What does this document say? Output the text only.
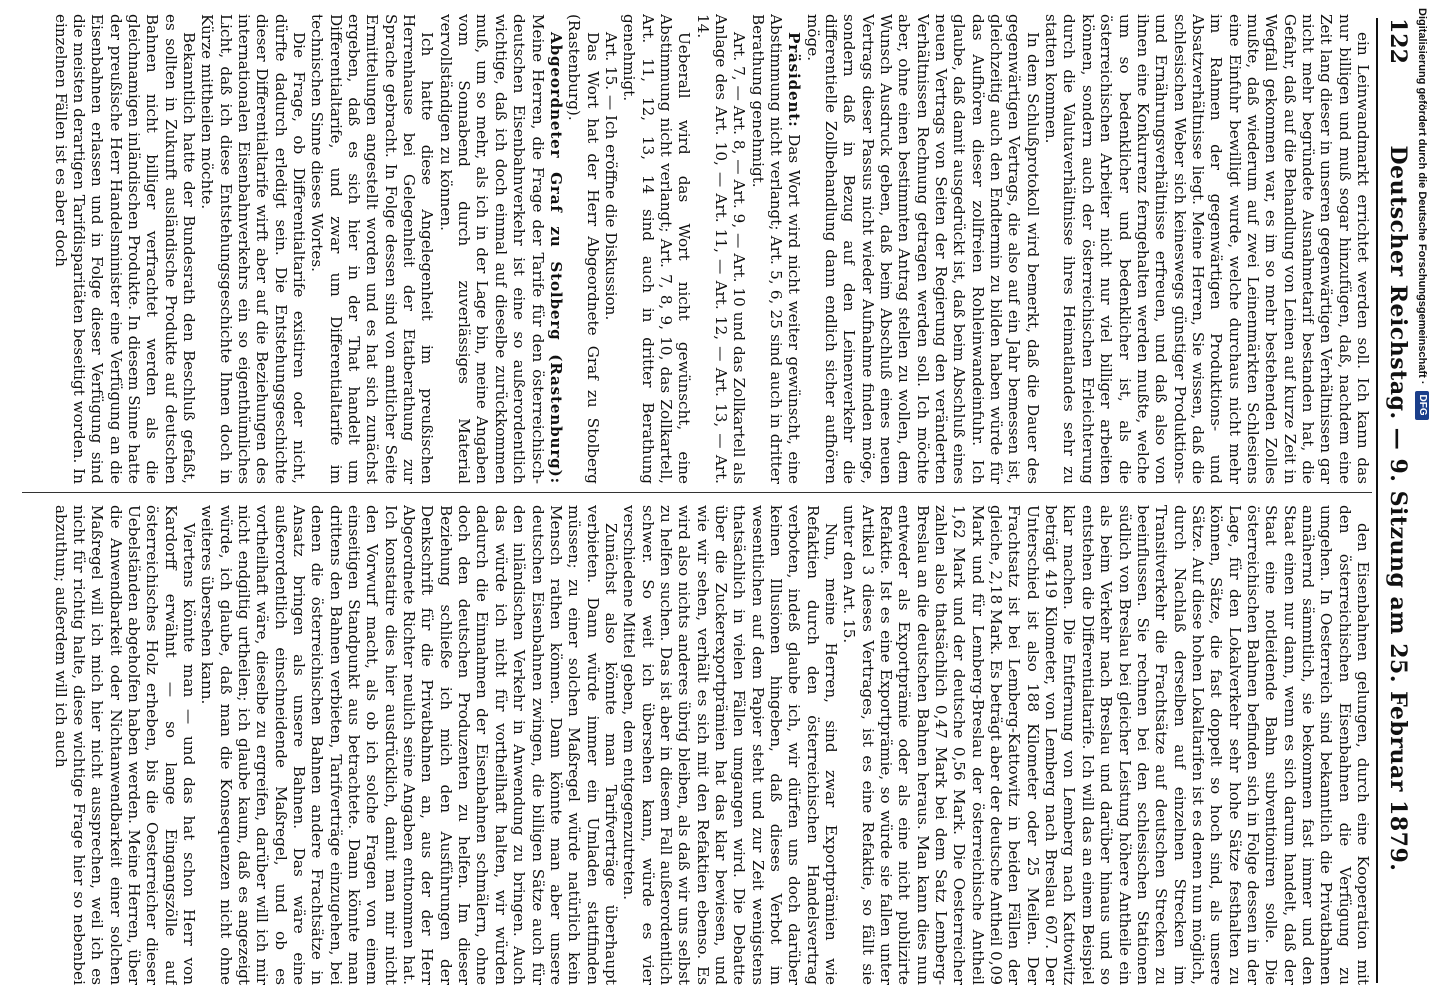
122
Deutscher Reichstag. — 9. Sitzung am 25. Februar 1879.

ein Leinwandmarkt errichtet werden soll. Ich kann das nur billigen und muß sogar hinzufügen, daß, nachdem eine Zeit lang dieser in unseren gegenwärtigen Verhältnissen gar nicht mehr begründete Ausnahmetarif bestanden hat, die Gefahr, daß auf die Behandlung von Leinen auf kurze Zeit in Wegfall gekommen war, es im so mehr bestehenden Zolles mußte, daß wiederum auf zwei Leinenmärkten Schlesiens eine Einfuhr bewilligt wurde, welche durchaus nicht mehr im Rahmen der gegenwärtigen Produktions- und Absatzverhältnisse liegt. Meine Herren, Sie wissen, daß die schlesischen Weber sich keineswegs günstiger Produktions- und Ernährungsverhältnisse erfreuen, und daß also von ihnen eine Konkurrenz ferngehalten werden mußte, welche um so bedenklicher und bedenklicher ist, als die österreichischen Arbeiter nicht nur viel billiger arbeiten können, sondern auch der österreichischen Erleichterung durch die Valutaverhältnisse ihres Heimatlandes sehr zu statten kommen.

In dem Schlußprotokoll wird bemerkt, daß die Dauer des gegenwärtigen Vertrags, die also auf ein Jahr bemessen ist, gleichzeitig auch den Endtermin zu bilden haben würde für das Aufhören dieser zollfreien Rohleinwandeinfuhr. Ich glaube, daß damit ausgedrückt ist, daß beim Abschluß eines neuen Vertrags von Seiten der Regierung den veränderten Verhältnissen Rechnung getragen werden soll. Ich möchte aber, ohne einen bestimmten Antrag stellen zu wollen, dem Wunsch Ausdruck geben, daß beim Abschluß eines neuen Vertrags dieser Passus nicht wieder Aufnahme finden möge, sondern daß in Bezug auf den Leinenverkehr die differentielle Zollbehandlung dann endlich sicher aufhören möge.

Präsident: Das Wort wird nicht weiter gewünscht, eine Abstimmung nicht verlangt; Art. 5, 6, 25 sind auch in dritter Berathung genehmigt.

Art. 7, — Art. 8, — Art. 9, — Art. 10 und das Zollkartell als Anlage des Art. 10, — Art. 11, — Art. 12, — Art. 13, — Art. 14.

Ueberall wird das Wort nicht gewünscht, eine Abstimmung nicht verlangt; Art. 7, 8, 9, 10, das Zollkartell, Art. 11, 12, 13, 14 sind auch in dritter Berathung genehmigt.

Art. 15. — Ich eröffne die Diskussion.

Das Wort hat der Herr Abgeordnete Graf zu Stolberg (Rastenburg).

Abgeordneter Graf zu Stolberg (Rastenburg): Meine Herren, die Frage der Tarife für den österreichisch-deutschen Eisenbahnverkehr ist eine so außerordentlich wichtige, daß ich doch einmal auf dieselbe zurückkommen muß, um so mehr, als ich in der Lage bin, meine Angaben vom Sonnabend durch zuverlässiges Material vervollständigen zu können.

Ich hatte diese Angelegenheit im preußischen Herrenhause bei Gelegenheit der Etatberathung zur Sprache gebracht. In Folge dessen sind von amtlicher Seite Ermittelungen angestellt worden und es hat sich zunächst ergeben, daß es sich hier in der That handelt um Differentialtarife, und zwar um Differentialtarife im technischen Sinne dieses Wortes.

Die Frage, ob Differentialtarife existiren oder nicht, dürfte dadurch erledigt sein. Die Entstehungsgeschichte dieser Differentialtarife wirft aber auf die Beziehungen des internationalen Eisenbahnverkehrs ein so eigenthümliches Licht, daß ich diese Entstehungsgeschichte Ihnen doch in Kürze mittheilen möchte.

Bekanntlich hatte der Bundesrath den Beschluß gefaßt, es sollten in Zukunft ausländische Produkte auf deutschen Bahnen nicht billiger verfrachtet werden als die gleichnamigen inländischen Produkte. In diesem Sinne hatte der preußische Herr Handelsminister eine Verfügung an die Eisenbahnen erlassen und in Folge dieser Verfügung sind die meisten derartigen Tarifdisparitäten beseitigt worden. In einzelnen Fällen ist es aber doch

den Eisenbahnen gelungen, durch eine Kooperation mit den österreichischen Eisenbahnen die Verfügung zu umgehen. In Oesterreich sind bekanntlich die Privatbahnen annähernd sämmtlich, sie bekommen fast immer und den Staat einen nur dann, wenn es sich darum handelt, daß der Staat eine notleidende Bahn subventioniren solle. Die österreichischen Bahnen befinden sich in Folge dessen in der Lage, für den Lokalverkehr sehr hohe Sätze festhalten zu können, Sätze, die fast doppelt so hoch sind, als unsere Sätze. Auf diese hohen Lokaltarifen ist es denen nun möglich, durch Nachlaß derselben auf einzelnen Strecken im Transitverkehr die Frachtsätze auf deutschen Strecken zu beeinflussen. Sie rechnen bei den schlesischen Stationen südlich von Breslau bei gleicher Leistung höhere Antheile ein als beim Verkehr nach Breslau und darüber hinaus und so entstehen die Differentialtarife. Ich will das an einem Beispiel klar machen. Die Entfernung von Lemberg nach Kattowitz beträgt 419 Kilometer, von Lemberg nach Breslau 607. Der Unterschied ist also 188 Kilometer oder 25 Meilen. Der Frachtsatz ist bei Lemberg-Kattowitz in beiden Fällen der gleiche, 2,18 Mark. Es beträgt aber der deutsche Antheil 0,09 Mark und für Lemberg-Breslau der österreichische Antheil 1,62 Mark und der deutsche 0,56 Mark. Die Oesterreicher zahlen also thatsächlich 0,47 Mark bei dem Satz Lemberg-Breslau an die deutschen Bahnen heraus. Man kann dies nun entweder als Exportprämie oder als eine nicht publizirte Refaktie. Ist es eine Exportprämie, so würde sie fallen unter Artikel 3 dieses Vertrages, ist es eine Refaktie, so fällt sie unter den Art. 15.

Nun, meine Herren, sind zwar Exportprämien wie Refaktien durch den österreichischen Handelsvertrag verboten, indeß glaube ich, wir dürfen uns doch darüber keinen Illusionen hingeben, daß dieses Verbot im wesentlichen auf dem Papier steht und zur Zeit wenigstens thatsächlich in vielen Fällen umgangen wird. Die Debatte über die Zuckerexportprämien hat das klar bewiesen, und wie wir sehen, verhält es sich mit den Refaktien ebenso. Es wird also nichts anderes übrig bleiben, als daß wir uns selbst zu helfen suchen. Das ist aber in diesem Fall außerordentlich schwer. So weit ich übersehen kann, würde es vier verschiedene Mittel geben, dem entgegenzutreten.

Zunächst also könnte man Tarifverträge überhaupt verbieten. Dann würde immer ein Umladen stattfinden müssen; zu einer solchen Maßregel würde natürlich kein Mensch rathen können. Dann könnte man aber unsere deutschen Eisenbahnen zwingen, die billigen Sätze auch für den inländischen Verkehr in Anwendung zu bringen. Auch das würde ich nicht für vortheilhaft halten, wir würden dadurch die Einnahmen der Eisenbahnen schmälern, ohne doch den deutschen Produzenten zu helfen. Im dieser Beziehung schließe ich mich den Ausführungen der Denkschrift für die Privatbahnen an, aus der der Herr Abgeordnete Richter neulich seine Angaben entnommen hat. Ich konstatire dies hier ausdrücklich, damit man mir nicht den Vorwurf macht, als ob ich solche Fragen von einem einseitigen Standpunkt aus betrachtete. Dann könnte man drittens den Bahnen verbieten, Tarifverträge einzugehen, bei denen die österreichischen Bahnen andere Frachtsätze in Ansatz bringen als unsere Bahnen. Das wäre eine außerordentlich einschneidende Maßregel, und ob es vortheilhaft wäre, dieselbe zu ergreifen, darüber will ich mir nicht endgiltig urtheilen; ich glaube kaum, daß es angezeigt würde, ich glaube, daß man die Konsequenzen nicht ohne weiteres übersehen kann.

Viertens könnte man — und das hat schon Herr von Kardorff erwähnt — so lange Eingangszölle auf österreichisches Holz erheben, bis die Oesterreicher dieser Uebelständen abgeholfen haben werden. Meine Herren, über die Anwendbarkeit oder Nichtanwendbarkeit einer solchen Maßregel will ich mich hier nicht aussprechen, weil ich es nicht für richtig halte, diese wichtige Frage hier so nebenbei abzuthun; außerdem will ich auch

Digitalisierung gefördert durch die Deutsche Forschungsgemeinschaft ·
DFG
